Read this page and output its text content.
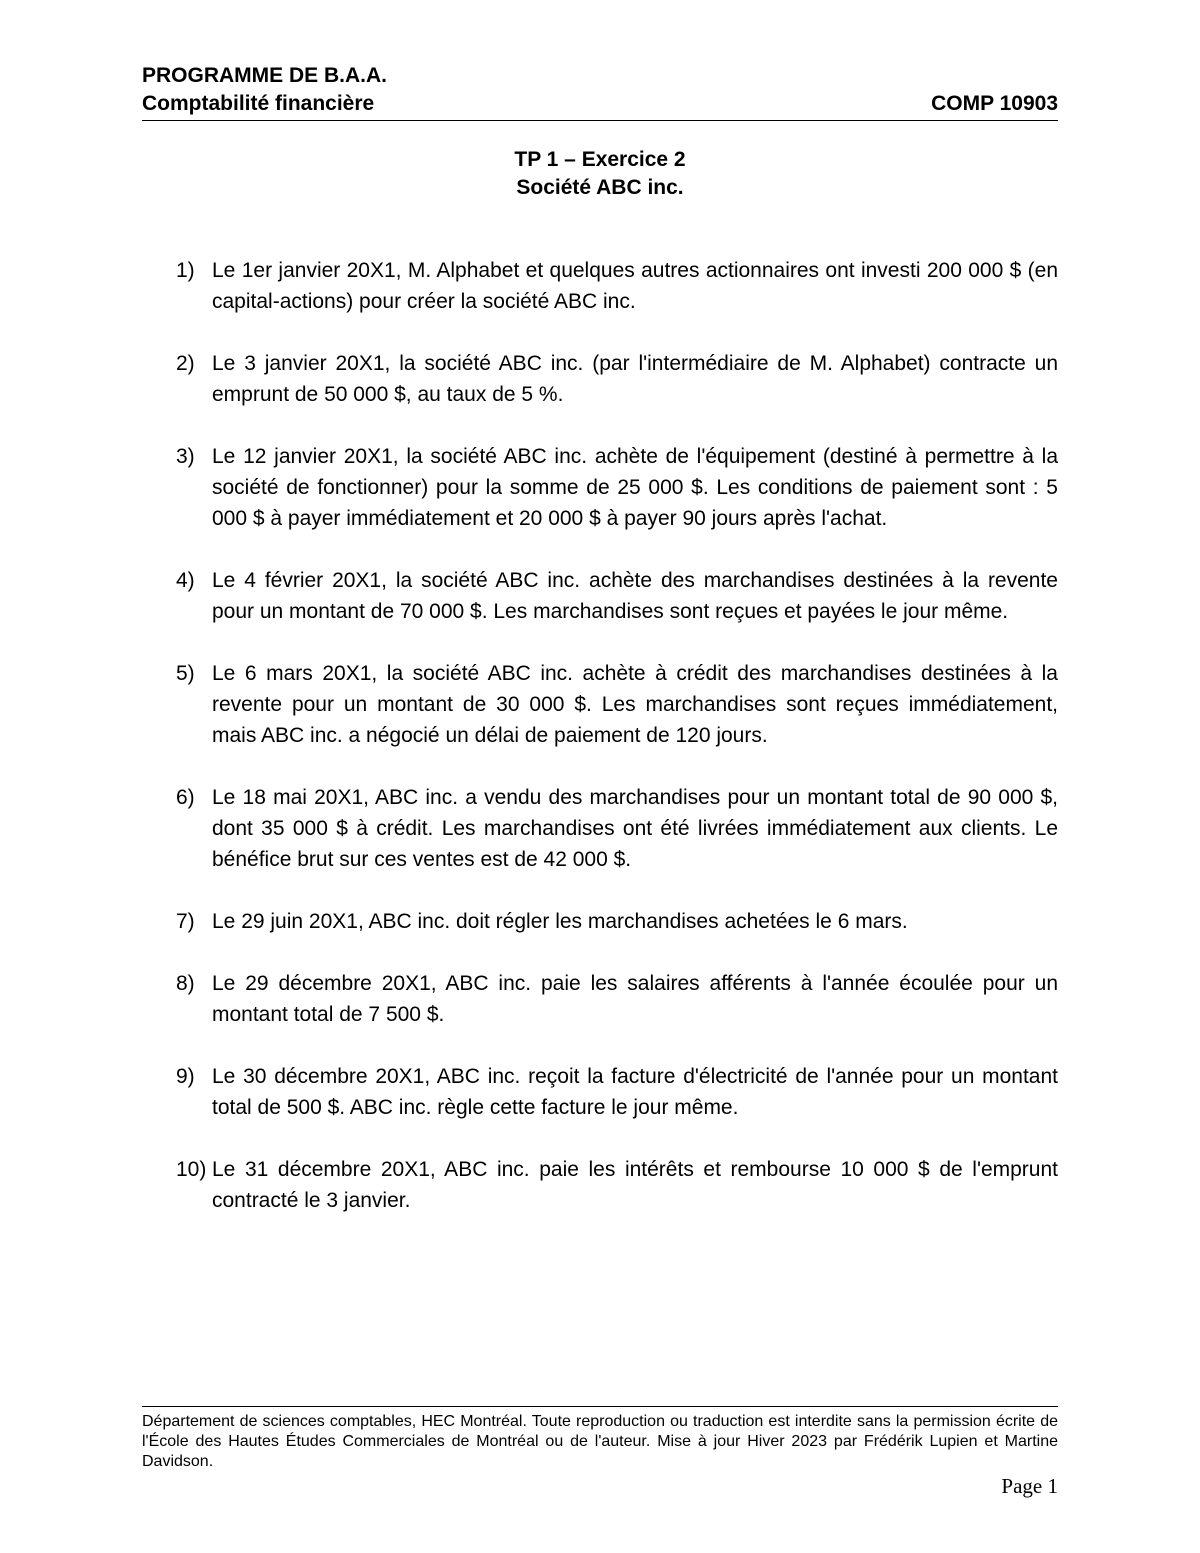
PROGRAMME DE B.A.A.
Comptabilité financière	COMP 10903
TP 1 – Exercice 2
Société ABC inc.
1) Le 1er janvier 20X1, M. Alphabet et quelques autres actionnaires ont investi 200 000 $ (en capital-actions) pour créer la société ABC inc.
2) Le 3 janvier 20X1, la société ABC inc. (par l'intermédiaire de M. Alphabet) contracte un emprunt de 50 000 $, au taux de 5 %.
3) Le 12 janvier 20X1, la société ABC inc. achète de l'équipement (destiné à permettre à la société de fonctionner) pour la somme de 25 000 $. Les conditions de paiement sont : 5 000 $ à payer immédiatement et 20 000 $ à payer 90 jours après l'achat.
4) Le 4 février 20X1, la société ABC inc. achète des marchandises destinées à la revente pour un montant de 70 000 $. Les marchandises sont reçues et payées le jour même.
5) Le 6 mars 20X1, la société ABC inc. achète à crédit des marchandises destinées à la revente pour un montant de 30 000 $. Les marchandises sont reçues immédiatement, mais ABC inc. a négocié un délai de paiement de 120 jours.
6) Le 18 mai 20X1, ABC inc. a vendu des marchandises pour un montant total de 90 000 $, dont 35 000 $ à crédit. Les marchandises ont été livrées immédiatement aux clients. Le bénéfice brut sur ces ventes est de 42 000 $.
7) Le 29 juin 20X1, ABC inc. doit régler les marchandises achetées le 6 mars.
8) Le 29 décembre 20X1, ABC inc. paie les salaires afférents à l'année écoulée pour un montant total de 7 500 $.
9) Le 30 décembre 20X1, ABC inc. reçoit la facture d'électricité de l'année pour un montant total de 500 $. ABC inc. règle cette facture le jour même.
10) Le 31 décembre 20X1, ABC inc. paie les intérêts et rembourse 10 000 $ de l'emprunt contracté le 3 janvier.
Département de sciences comptables, HEC Montréal. Toute reproduction ou traduction est interdite sans la permission écrite de l'École des Hautes Études Commerciales de Montréal ou de l'auteur. Mise à jour Hiver 2023 par Frédérik Lupien et Martine Davidson.
Page 1
